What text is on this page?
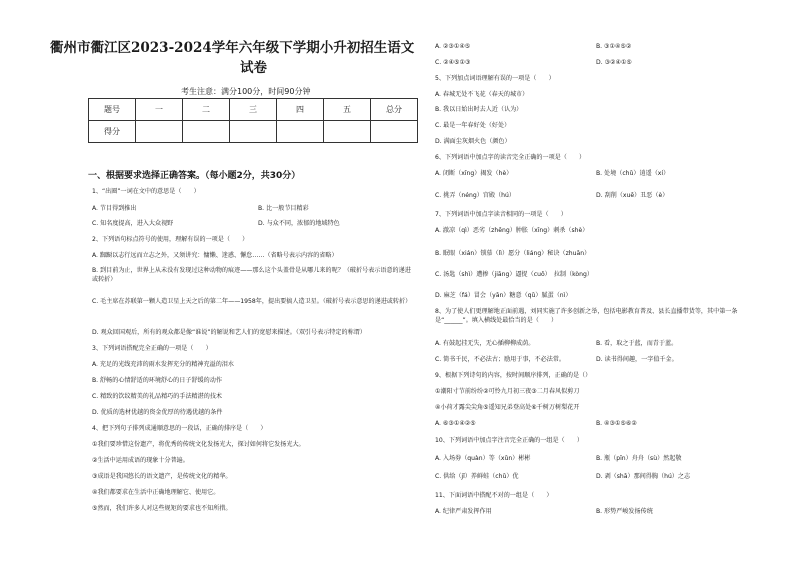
衢州市衢江区2023-2024学年六年级下学期小升初招生语文
试卷
考生注意：满分100分，时间90分钟
题号	一	二	三	四	五	总分
得分						
一、根据要求选择正确答案。（每小题2分，共30分）
1、“出圈”一词在文中的意思是（　　）
A. 节目得到推出	B. 比一般节目精彩
C. 知名度提高，进入大众视野	D. 与众不同，浓郁的地域特色
2、下列语句标点符号的使用，理解有误的一项是（　　）
A. 踟蹰以志行远而立志之外，又须讲究：慵懒、迷惑、懈怠……（省略号表示内容的省略）
B. 到目前为止，世界上从未没有发现过这种动物的痕迹——那么这个头盖骨是从哪儿来的呢？（破折号表示语意的递进或转折）
C. 毛主席在苏联第一颗人造卫星上天之后的第二年——1958年，提出要搞人造卫星。（破折号表示意思的递进或转折）
D. 观众回国观后，所有的观众都是像“谁说”的解说和艺人们的宽慰来描述。（双引号表示特定的称谓）
3、下列词语搭配完全正确的一项是（　　）
A. 充足的光线充沛的雨水发挥充分的精神充溢的泪水
B. 舒畅的心情舒适的环境舒心的日子舒缓的动作
C. 精致的饮纹精美的礼品精巧的手法精湛的技术
D. 优质的选材优越的资金优厚的待遇优越的条件
4、把下列句子排列成通顺意思的一段话，正确的排序是（　　）
①我们要珍惜这份遗产，将优秀的传统文化发扬光大，探讨如何将它发扬光大。
②生活中运用成语的现象十分普遍。
③成语是我国悠长的语文遗产，是传统文化的精华。
④我们都要求在生活中正确地理解它、使用它。
⑤然而，我们许多人对这些规矩的要求也不知所措。
A. ②③①④⑤	B. ③①④⑤②
C. ②④⑤①③	D. ③②④①⑤
5、下列加点词语理解有误的一项是（　　）
A. 春城无处不飞花（春天的城市）
B. 我以日始出时去人近（认为）
C. 最是一年春好处（好处）
D. 满面尘灰烟火色（颜色）
6、下列词语中加点字的读音完全正确的一项是（　　）
A. 闭断（xīng）揭发（hè）	B. 处境（chǔ）逍遥（xí）
C. 挑弄（néng）宫殿（hú）	D. 刮削（xuē）丑恶（è）
7、下列词语中加点字读音相同的一项是（　　）
A. 澈凉（qì）恶劣（zhēng）肿胀（xīng）刺杀（shè）
B. 眠眼（xián）锁慕（lì）愿分（liáng）秘诀（zhuān）
C. 汤匙（shì）遭掺（jiāng）逼捉（cuō）　拉制（kòng）
D. 麻芝（fá）冒会（yān）糖意（qǔ）腻蛋（nì）
8、为了使人们更理解地正面前遇，刘同实施了许多创新之举，包括电影教育普及、县长直播带货等，其中第一条是“______”。填入横线处最恰当的是（　　）
A. 有鼓起挂无失，无心插柳柳成荫。	B. 看，取之于蓝，而青于蓝。
C. 简书千民，不必法古；励用于事，不必法常。	D. 读书得间趣，一字值千金。
9、根据下列诗句的内容，按时间顺序排列，正确的是（）
①潮阳寸节前纷纷②可怜九月初三夜③二月春风似剪刀
④小荷才露尖尖角⑤遥知兄弟登高处⑥千树万树梨花开
A. ⑥③①④②⑤	B. ④③①⑤⑥②
10、下列词语中加点字注音完全正确的一组是（　　）
A. 入场券（quàn）等（xǔn）彬彬	B. 瓶（pīn）舟舟（sù）然起敬
C. 供给（jǐ）养鲜蛙（chǔ）优	D. 剥（shā）那间得胸（hú）之志
11、下面词语中搭配不对的一组是（　　）
A. 纪律严肃发挥作用	B. 形势严峻发扬传统
